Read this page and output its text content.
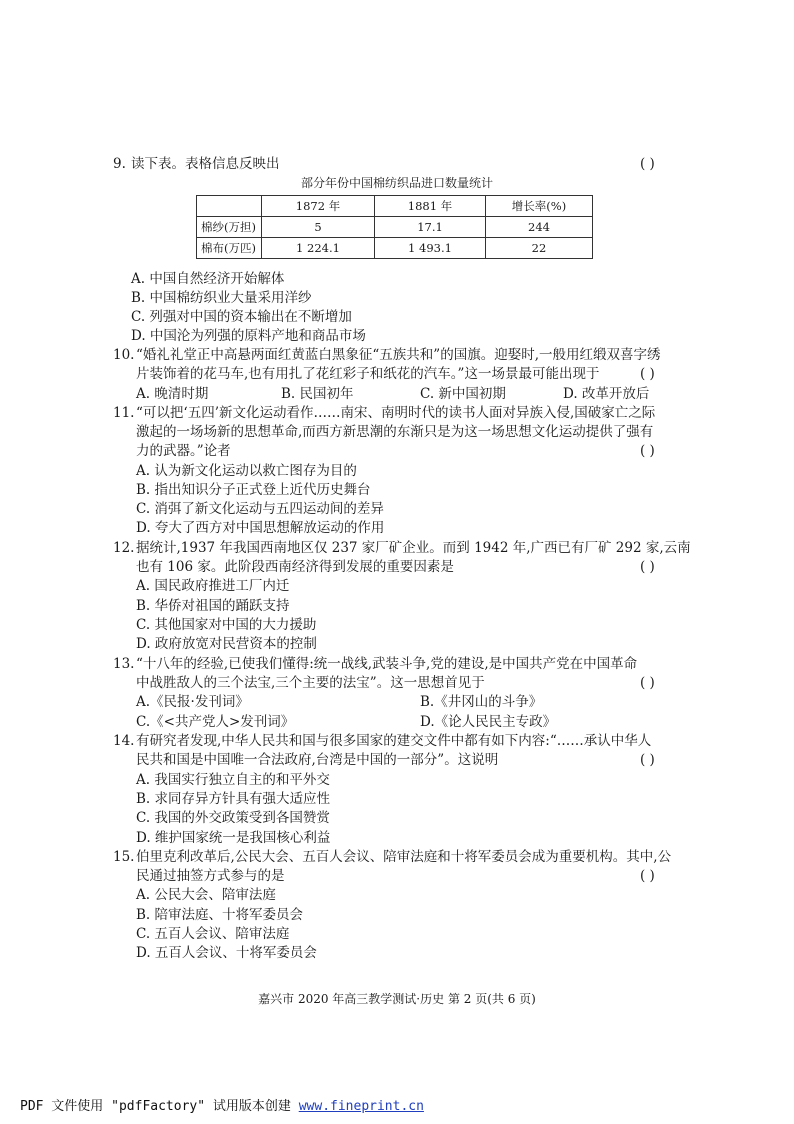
9. 读下表。表格信息反映出	( )
部分年份中国棉纺织品进口数量统计
	1872 年	1881 年	增长率(%)
棉纱(万担)	5	17.1	244
棉布(万匹)	1 224.1	1 493.1	22
A. 中国自然经济开始解体
B. 中国棉纺织业大量采用洋纱
C. 列强对中国的资本输出在不断增加
D. 中国沦为列强的原料产地和商品市场
10. “婚礼礼堂正中高悬两面红黄蓝白黑象征“五族共和”的国旗。迎娶时,一般用红缎双喜字绣
片装饰着的花马车,也有用扎了花红彩子和纸花的汽车。”这一场景最可能出现于	( )
A. 晚清时期	B. 民国初年	C. 新中国初期	D. 改革开放后
11. “可以把‘五四’新文化运动看作……南宋、南明时代的读书人面对异族入侵,国破家亡之际
激起的一场场新的思想革命,而西方新思潮的东渐只是为这一场思想文化运动提供了强有
力的武器。”论者	( )
A. 认为新文化运动以救亡图存为目的
B. 指出知识分子正式登上近代历史舞台
C. 消弭了新文化运动与五四运动间的差异
D. 夸大了西方对中国思想解放运动的作用
12. 据统计,1937 年我国西南地区仅 237 家厂矿企业。而到 1942 年,广西已有厂矿 292 家,云南
也有 106 家。此阶段西南经济得到发展的重要因素是	( )
A. 国民政府推进工厂内迁
B. 华侨对祖国的踊跃支持
C. 其他国家对中国的大力援助
D. 政府放宽对民营资本的控制
13. “十八年的经验,已使我们懂得:统一战线,武装斗争,党的建设,是中国共产党在中国革命
中战胜敌人的三个法宝,三个主要的法宝”。这一思想首见于	( )
A.《民报·发刊词》	B.《井冈山的斗争》
C.《<共产党人>发刊词》	D.《论人民民主专政》
14. 有研究者发现,中华人民共和国与很多国家的建交文件中都有如下内容:“……承认中华人
民共和国是中国唯一合法政府,台湾是中国的一部分”。这说明	( )
A. 我国实行独立自主的和平外交
B. 求同存异方针具有强大适应性
C. 我国的外交政策受到各国赞赏
D. 维护国家统一是我国核心利益
15. 伯里克利改革后,公民大会、五百人会议、陪审法庭和十将军委员会成为重要机构。其中,公
民通过抽签方式参与的是	( )
A. 公民大会、陪审法庭
B. 陪审法庭、十将军委员会
C. 五百人会议、陪审法庭
D. 五百人会议、十将军委员会
嘉兴市 2020 年高三教学测试·历史 第 2 页(共 6 页)
PDF 文件使用 "pdfFactory" 试用版本创建 www.fineprint.cn
